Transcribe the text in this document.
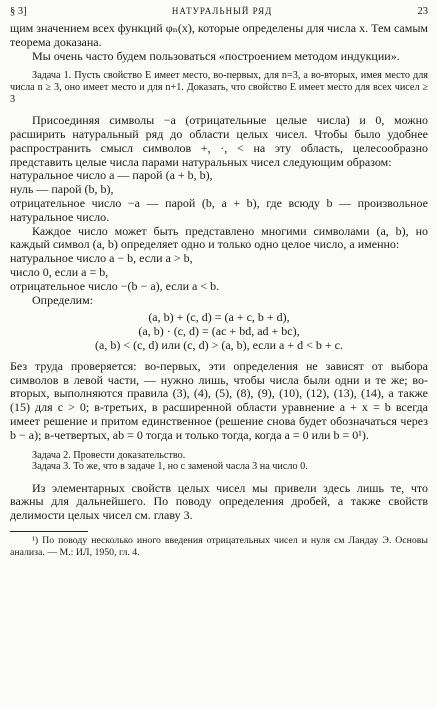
§ 3]	НАТУРАЛЬНЫЙ РЯД	23

щим значением всех функций φₙ(x), которые определены для числа x. Тем самым теорема доказана.

Мы очень часто будем пользоваться «построением методом индукции».

Задача 1. Пусть свойство E имеет место, во-первых, для n=3, а во-вторых, имея место для числа n ≥ 3, оно имеет место и для n+1. Доказать, что свойство E имеет место для всех чисел ≥ 3

Присоединяя символы −a (отрицательные целые числа) и 0, можно расширить натуральный ряд до области целых чисел. Чтобы было удобнее распространить смысл символов +, ·, < на эту область, целесообразно представить целые числа парами натуральных чисел следующим образом:

натуральное число a — парой (a + b, b),

нуль — парой (b, b),

отрицательное число −a — парой (b, a + b), где всюду b — произвольное натуральное число.

Каждое число может быть представлено многими символами (a, b), но каждый символ (a, b) определяет одно и только одно целое число, а именно:

натуральное число a − b, если a > b,

число 0, если a = b,

отрицательное число −(b − a), если a < b.

Определим:

(a, b) + (c, d) = (a + c, b + d),

(a, b) · (c, d) = (ac + bd, ad + bc),

(a, b) < (c, d) или (c, d) > (a, b), если a + d < b + c.

Без труда проверяется: во-первых, эти определения не зависят от выбора символов в левой части, — нужно лишь, чтобы числа были одни и те же; во-вторых, выполняются правила (3), (4), (5), (8), (9), (10), (12), (13), (14), а также (15) для c > 0; в-третьих, в расширенной области уравнение a + x = b всегда имеет решение и притом единственное (решение снова будет обозначаться через b − a); в-четвертых, ab = 0 тогда и только тогда, когда a = 0 или b = 0¹).

Задача 2. Провести доказательство.

Задача 3. То же, что в задаче 1, но с заменой часла 3 на число 0.

Из элементарных свойств целых чисел мы привели здесь лишь те, что важны для дальнейшего. По поводу определения дробей, а также свойств делимости целых чисел см. главу 3.

¹) По поводу несколько иного введения отрицательных чисел и нуля см Ландау Э. Основы анализа. — М.: ИЛ, 1950, гл. 4.
